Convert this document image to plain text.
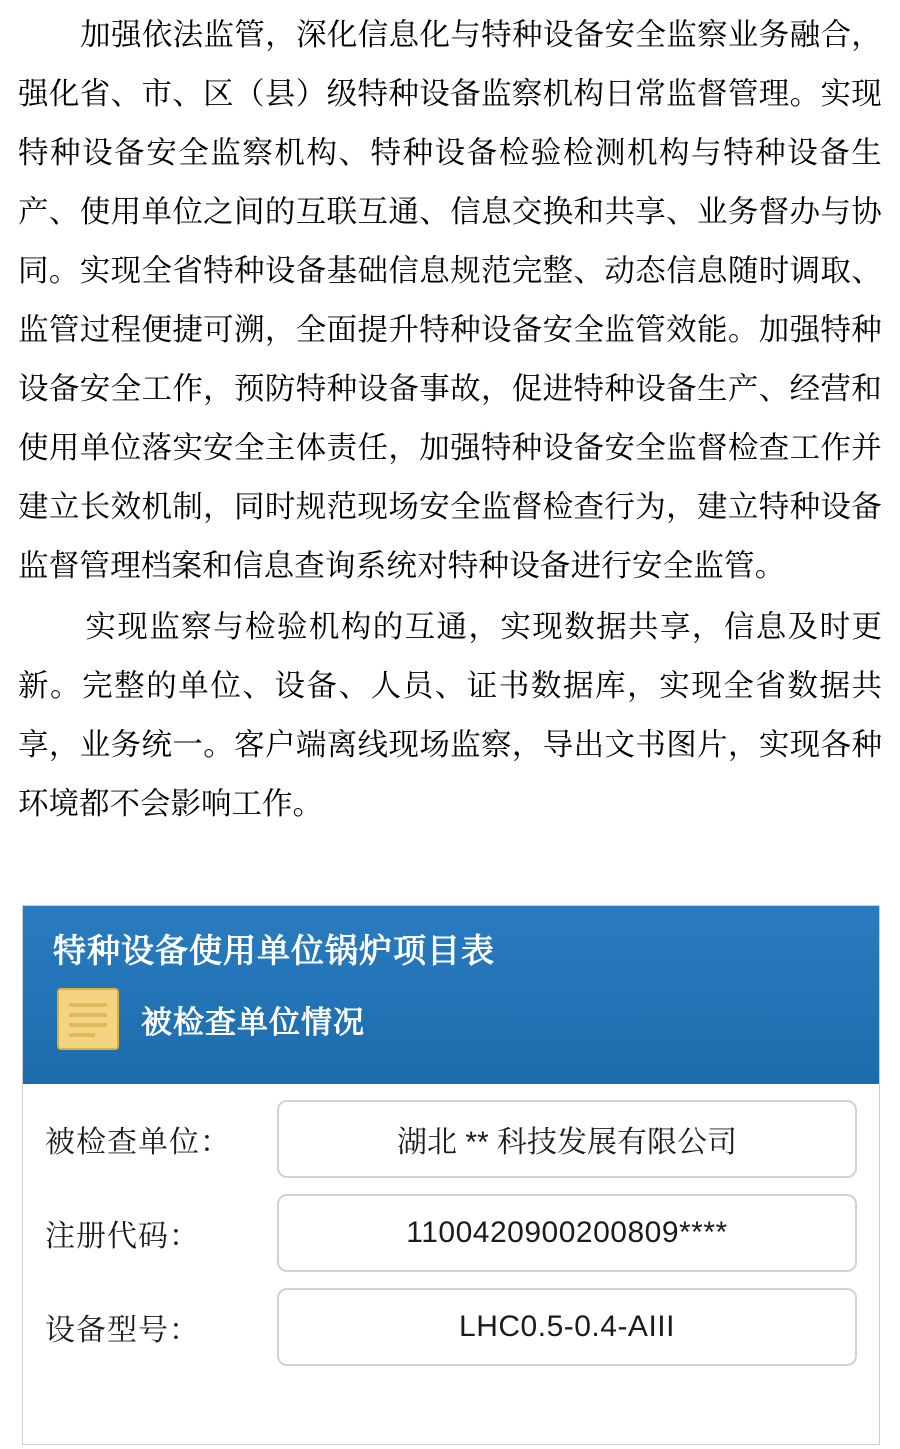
加强依法监管，深化信息化与特种设备安全监察业务融合，强化省、市、区（县）级特种设备监察机构日常监督管理。实现特种设备安全监察机构、特种设备检验检测机构与特种设备生产、使用单位之间的互联互通、信息交换和共享、业务督办与协同。实现全省特种设备基础信息规范完整、动态信息随时调取、监管过程便捷可溯，全面提升特种设备安全监管效能。加强特种设备安全工作，预防特种设备事故，促进特种设备生产、经营和使用单位落实安全主体责任，加强特种设备安全监督检查工作并建立长效机制，同时规范现场安全监督检查行为，建立特种设备监督管理档案和信息查询系统对特种设备进行安全监管。

实现监察与检验机构的互通，实现数据共享，信息及时更新。完整的单位、设备、人员、证书数据库，实现全省数据共享，业务统一。客户端离线现场监察，导出文书图片，实现各种环境都不会影响工作。

特种设备使用单位锅炉项目表
被检查单位情况
被检查单位：	湖北 ** 科技发展有限公司
注册代码：	1100420900200809****
设备型号：	LHC0.5-0.4-AIII
